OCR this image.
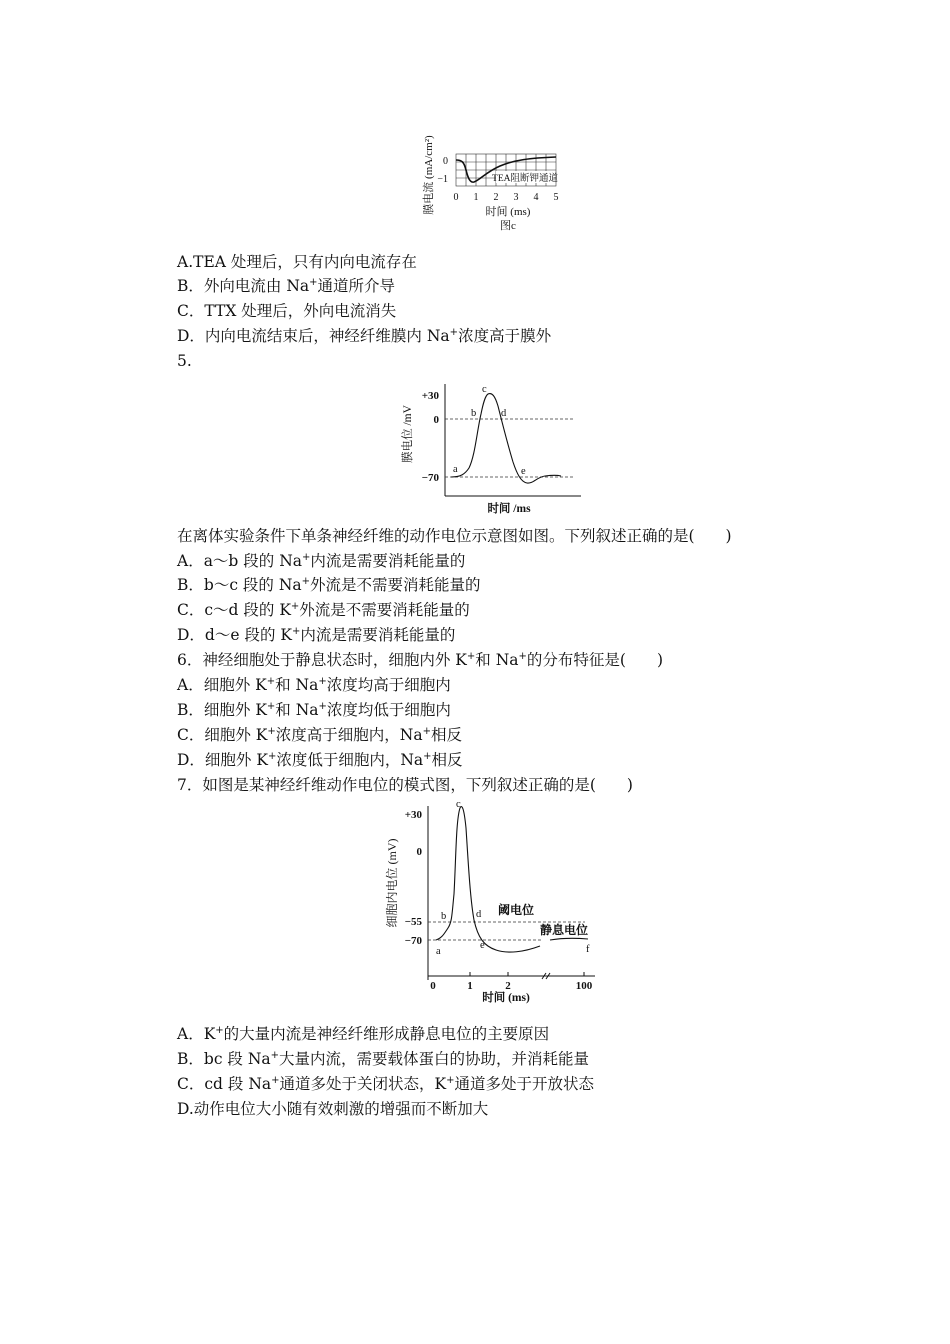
膜电流 (mA/cm²) 0
−1	TEA阻断钾通道
0 1 2 3 4 5
时间 (ms)
图c
A.TEA 处理后，只有内向电流存在
B．外向电流由 Na+通道所介导
C．TTX 处理后，外向电流消失
D．内向电流结束后，神经纤维膜内 Na+浓度高于膜外
5.
膜电位 /mV
+30
0
−70
a
b
c
d
e
时间 /ms
在离体实验条件下单条神经纤维的动作电位示意图如图。下列叙述正确的是(　　)
A．a～b 段的 Na+内流是需要消耗能量的
B．b～c 段的 Na+外流是不需要消耗能量的
C．c～d 段的 K+外流是不需要消耗能量的
D．d～e 段的 K+内流是需要消耗能量的
6．神经细胞处于静息状态时，细胞内外 K+和 Na+的分布特征是(　　)
A．细胞外 K+和 Na+浓度均高于细胞内
B．细胞外 K+和 Na+浓度均低于细胞内
C．细胞外 K+浓度高于细胞内，Na+相反
D．细胞外 K+浓度低于细胞内，Na+相反
7．如图是某神经纤维动作电位的模式图，下列叙述正确的是(　　)
细胞内电位 (mV)
+30
0
−55
−70
a
b
c
d
e	f
阈电位
静息电位
0	1	2	100
时间 (ms)
A．K+的大量内流是神经纤维形成静息电位的主要原因
B．bc 段 Na+大量内流，需要载体蛋白的协助，并消耗能量
C．cd 段 Na+通道多处于关闭状态，K+通道多处于开放状态
D.动作电位大小随有效刺激的增强而不断加大
